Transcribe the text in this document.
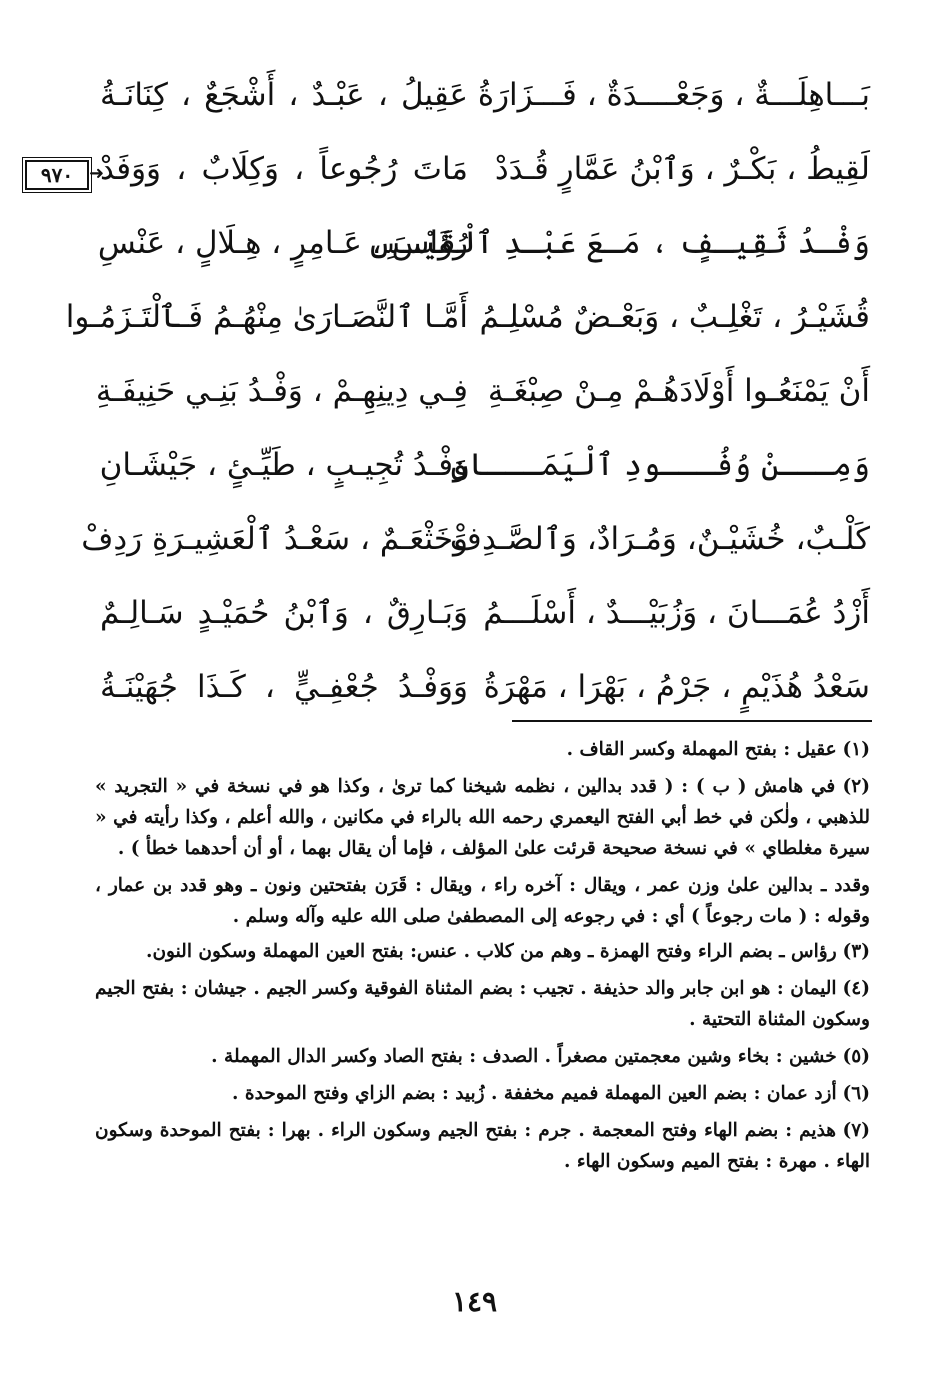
بَـــاهِلَـــةٌ ، وَجَعْــــدَةٌ ، فَـــزَارَةُ
عَقِيلُ ، عَبْـدٌ ، أَشْجَعٌ ، كِنَانَـةُ
لَقِيطُ ، بَكْـرٌ ، وَٱبْنُ عَمَّارٍ قُـدَدْ
مَاتَ رُجُوعاً ، وَكِلَابٌ ، وَوَفَدْ
وَفْـدُ ثَقِيـفٍ ، مَـعَ عَبْـدِ ٱلْقَيْـسِ
رُؤَاسَ ، عَـامِرٍ ، هِـلَالٍ ، عَنْسِ
قُشَيْـرُ ، تَغْلِـبٌ ، وَبَعْـضٌ مُسْلِـمُ
أَمَّـا ٱلنَّصَـارَىٰ مِنْهُـمُ فَـٱلْتَـزَمُـوا
أَنْ يَمْنَعُـوا أَوْلَادَهُـمْ مِـنْ صِبْغَـةِ
فِـي دِينِهِـمْ ، وَفْـدُ بَنِـي حَنِيفَـةِ
وَمِـــنْ وُفُـــودِ ٱلْيَمَـــانِ
وَفْـدُ تُجِيـبٍ ، طَيِّـئٍ ، جَيْشَـانِ
كَلْـبٌ، خُشَيْـنٌ، وَمُـرَادٌ، وَٱلصَّـدِفْ
وَخَثْعَـمٌ ، سَعْـدُ ٱلْعَشِيـرَةِ رَدِفْ
أَزْدُ عُمَـــانَ ، وَزُبَيْـــدٌ ، أَسْلَـــمُ
وَبَـارِقٌ ، وَٱبْنُ حُمَيْـدٍ سَـالِـمٌ
سَعْدُ هُذَيْمٍ ، جَرْمُ ، بَهْرَا ، مَهْرَةُ
وَوَفْـدُ جُعْفِـيٍّ ، كَـذَا جُهَيْنَـةُ
٩٧٠ ➜

(١) عقيل : بفتح المهملة وكسر القاف .

(٢) في هامش ( ب ) : ( قدد بدالين ، نظمه شيخنا كما ترىٰ ، وكذا هو في نسخة في « التجريد » للذهبي ، ولٰكن في خط أبي الفتح اليعمري رحمه الله بالراء في مكانين ، والله أعلم ، وكذا رأيته في « سيرة مغلطاي » في نسخة صحيحة قرئت علىٰ المؤلف ، فإما أن يقال بهما ، أو أن أحدهما خطأ ) .

وقدد ـ بدالين علىٰ وزن عمر ، ويقال : آخره راء ، ويقال : قَرَن بفتحتين ونون ـ وهو قدد بن عمار ، وقوله : ( مات رجوعاً ) أي : في رجوعه إلى المصطفىٰ صلى الله عليه وآله وسلم .

(٣) رؤاس ـ بضم الراء وفتح الهمزة ـ وهم من كلاب . عنس: بفتح العين المهملة وسكون النون.

(٤) اليمان : هو ابن جابر والد حذيفة . تجيب : بضم المثناة الفوقية وكسر الجيم . جيشان : بفتح الجيم وسكون المثناة التحتية .

(٥) خشين : بخاء وشين معجمتين مصغراً . الصدف : بفتح الصاد وكسر الدال المهملة .

(٦) أزد عمان : بضم العين المهملة فميم مخففة . زُبيد : بضم الزاي وفتح الموحدة .

(٧) هذيم : بضم الهاء وفتح المعجمة . جرم : بفتح الجيم وسكون الراء . بهرا : بفتح الموحدة وسكون الهاء . مهرة : بفتح الميم وسكون الهاء .

١٤٩
